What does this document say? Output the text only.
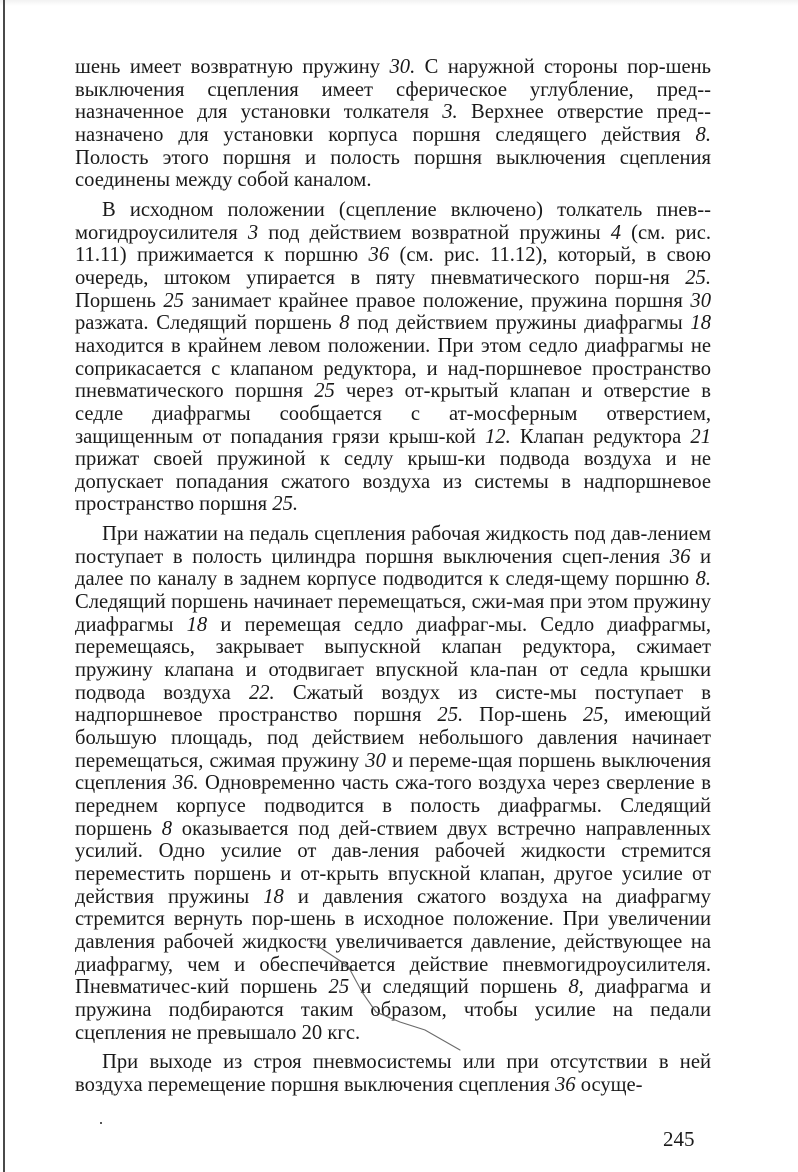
шень имеет возвратную пружину 30. С наружной стороны пор-шень выключения сцепления имеет сферическое углубление, пред-назначенное для установки толкателя 3. Верхнее отверстие пред-назначено для установки корпуса поршня следящего действия 8. Полость этого поршня и полость поршня выключения сцепления соединены между собой каналом.

В исходном положении (сцепление включено) толкатель пнев-могидроусилителя 3 под действием возвратной пружины 4 (см. рис. 11.11) прижимается к поршню 36 (см. рис. 11.12), который, в свою очередь, штоком упирается в пяту пневматического порш-ня 25. Поршень 25 занимает крайнее правое положение, пружина поршня 30 разжата. Следящий поршень 8 под действием пружины диафрагмы 18 находится в крайнем левом положении. При этом седло диафрагмы не соприкасается с клапаном редуктора, и над-поршневое пространство пневматического поршня 25 через от-крытый клапан и отверстие в седле диафрагмы сообщается с ат-мосферным отверстием, защищенным от попадания грязи крыш-кой 12. Клапан редуктора 21 прижат своей пружиной к седлу крыш-ки подвода воздуха и не допускает попадания сжатого воздуха из системы в надпоршневое пространство поршня 25.

При нажатии на педаль сцепления рабочая жидкость под дав-лением поступает в полость цилиндра поршня выключения сцеп-ления 36 и далее по каналу в заднем корпусе подводится к следя-щему поршню 8. Следящий поршень начинает перемещаться, сжи-мая при этом пружину диафрагмы 18 и перемещая седло диафраг-мы. Седло диафрагмы, перемещаясь, закрывает выпускной клапан редуктора, сжимает пружину клапана и отодвигает впускной кла-пан от седла крышки подвода воздуха 22. Сжатый воздух из систе-мы поступает в надпоршневое пространство поршня 25. Пор-шень 25, имеющий большую площадь, под действием небольшого давления начинает перемещаться, сжимая пружину 30 и переме-щая поршень выключения сцепления 36. Одновременно часть сжа-того воздуха через сверление в переднем корпусе подводится в полость диафрагмы. Следящий поршень 8 оказывается под дей-ствием двух встречно направленных усилий. Одно усилие от дав-ления рабочей жидкости стремится переместить поршень и от-крыть впускной клапан, другое усилие от действия пружины 18 и давления сжатого воздуха на диафрагму стремится вернуть пор-шень в исходное положение. При увеличении давления рабочей жидкости увеличивается давление, действующее на диафрагму, чем и обеспечивается действие пневмогидроусилителя. Пневматичес-кий поршень 25 и следящий поршень 8, диафрагма и пружина подбираются таким образом, чтобы усилие на педали сцепления не превышало 20 кгс.

При выходе из строя пневмосистемы или при отсутствии в ней воздуха перемещение поршня выключения сцепления 36 осуще-

245
